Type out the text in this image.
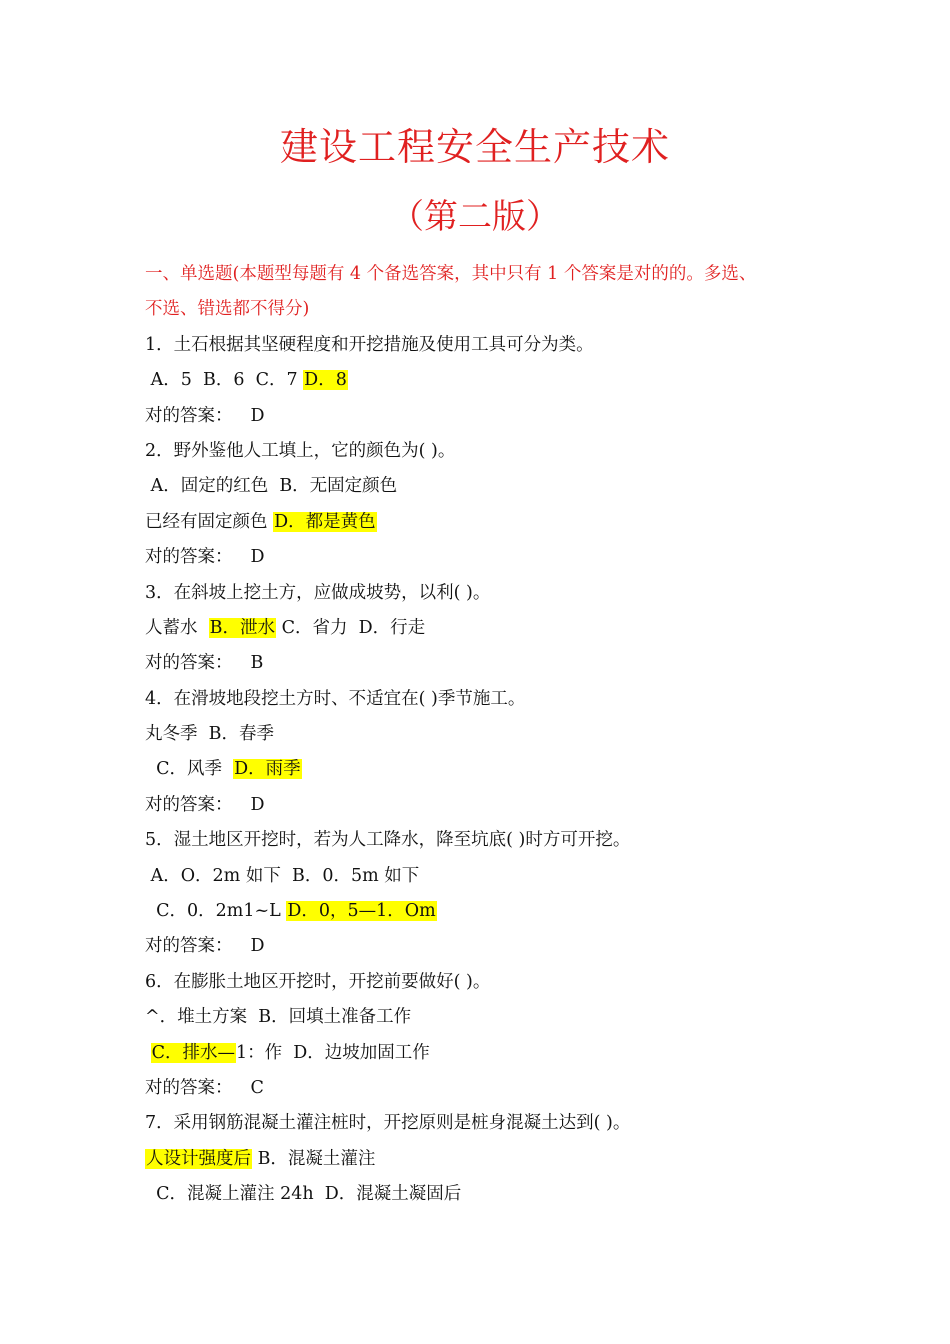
建设工程安全生产技术
（第二版）
一、单选题(本题型每题有 4 个备选答案，其中只有 1 个答案是对的的。多选、
不选、错选都不得分)
1．土石根据其坚硬程度和开挖措施及使用工具可分为类。
A．5  B．6  C．7 D．8
对的答案： D
2．野外鉴他人工填上，它的颜色为( )。
A．固定的红色  B．无固定颜色
已经有固定颜色 D．都是黄色
对的答案： D
3．在斜坡上挖土方，应做成坡势，以利( )。
人蓄水  B．泄水 C．省力  D．行走
对的答案： B
4．在滑坡地段挖土方时、不适宜在( )季节施工。
丸冬季  B．春季
C．风季  D．雨季
对的答案： D
5．湿土地区开挖时，若为人工降水，降至坑底( )时方可开挖。
A．O．2m 如下  B．0．5m 如下
C．0．2m1~L D．0，5—1．Om
对的答案： D
6．在膨胀土地区开挖时，开挖前要做好( )。
^．堆土方案  B．回填土准备工作
C．排水—1：作  D．边坡加固工作
对的答案： C
7．采用钢筋混凝土灌注桩时，开挖原则是桩身混凝土达到( )。
人设计强度后 B．混凝土灌注
C．混凝上灌注 24h  D．混凝土凝固后
